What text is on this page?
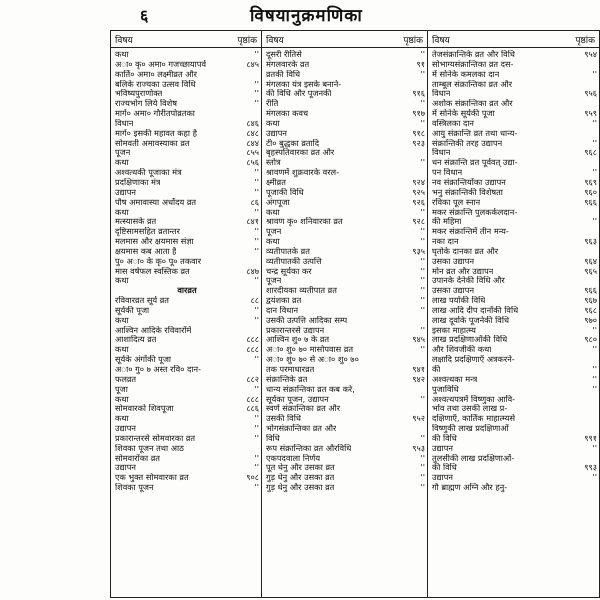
६	विषयानुक्रमणिका
विषय	पृष्ठांक
कथा	''
अा० कृ० अमा० गजच्छायापर्व	८४५
कार्ति० अमा० लक्ष्मीव्रत और
बलिके राज्यका उत्सव विधि	''
भविष्यपुराणोक्त	''
राज्यभोग लिये विशेष	''
मार्ग० अमा० गौरीतपोव्रतका
विधान	८४६
मार्ग० इसकी महावत कहा है	८४८
सोमवती अमावस्याका व्रत	८४४
पूजन	८५५
कथा	८५६
अश्वत्थकी पूजाका मंत्र	''
प्रदक्षिणाका मंत्र	''
उद्यापन	''
पौष अमावास्या अर्धोदय व्रत	८६
कथा	''
मत्स्यासके व्रत	८४१
दृष्टिसामसहित व्रतान्तर	''
मलमास और क्षयमास संज्ञा	''
क्षयमास कब आता है	''
पु० अा० के कृ० पू० तकवार
मास वर्षफल स्वस्तिक व्रत	८४७
कथा	''
वारव्रत
रविवारव्रत सूर्य व्रत	८८
सूर्यकी पूजा	''
कथा	''
आश्विन आदिके रविवारोंमें
आशादित्य व्रत	८८८
कथा	८८८
सूर्यके अंगोंकी पूजा	''
अा० गु० ७ अस्त रवि० दान-
फलव्रत	८८२
पूजा	''
कथा	८८८
सोमवारको शिवपूजा	८८६
कथा	''
उद्यापन	''
प्रकारान्तरसे सोमवारका व्रत	''
शिवका पूजन तथा आठ
सोमवारोंका व्रत	''
उद्यापन	''
एक भुक्त सोमवारका व्रत	९०८
शिवका पूजन	''
विषय	पृष्ठांक
दूसरी रीतिसे	''
मंगलवारके व्रत	९१
व्रतकी विधि	''
मंगलका यंत्र इसके बनाने-
की विधि और पूजनकी	९१६
रीति	''
मंगलका कवच	९१७
कथा	''
उद्यापन	९१८
टी० बुद्धका व्रतादि	९२३
बृहस्पतिवारका व्रत और
स्तोत्र	''
श्रावणमें शुक्रवारके वरल-
क्ष्मीव्रत	९२४
पूजाकी विधि	९२५
अंगपूजा	९२६
कथा	''
श्रावण कृ० शनिवारका व्रत	९२८
पूजन	''
कथा	''
व्यतीपातके व्रत	९३५
व्यतीपातकी उत्पत्ति	''
चन्द्र सूर्यका कर	''
पूजन	''
शारदीयका व्यतीपात व्रत	''
द्वयंशका व्रत	''
दान विधान	''
उसकी उत्पत्ति आदिका सम्प
प्रकारान्तरसे उद्यापन	''
आश्विन शु० ७ के व्रत	९४५
अा० शु० ७० मासोपवास व्रत	''
अा० शु० ७० से अा० शु० ७०
तक परमाधारव्रत	९४१
संक्रान्तिके व्रत	९४२
धान्य संक्रान्तिका व्रत कब करे,
सूर्यका पूजन, उद्यापन	''
स्वर्ण संक्रान्तिका व्रत और
उसकी विधि	९५२
भोगसंक्रान्तिका व्रत और
विधि	''
रूप संक्रान्तिका व्रत औरविधि	९५३
एकपदवाला निर्णय	''
पूत धेनु और उसका व्रत	''
गुड़ धेनु और उसका व्रत	''
गुड़ धेनु और उसका व्रत	''
विषय	पृष्ठांक
तेजसंक्रान्तिके व्रत और विधि	९५४
सोभाग्यसंक्रान्तिका व्रत दस-
में सोनेके कमलका दान	''
ताम्बूल संक्रान्तिका व्रत और
विधान	९५६
अशोक संक्रान्तिका व्रत और
में सोनेके सूर्यकी पूजा	९५९
वस्त्रिलका दान	''
आयु संक्रान्ति व्रत तथा धान्य-
संक्रान्तिकी तरह उद्यापन	''
विधान	९६८
धन संक्रान्ति व्रत पूर्ववत् उद्या-
पन विधान	''
नव संक्रान्तियोंका उद्यापन	९६९
भनु संक्रान्तिकी विशेषता	९६०
रविका पूल स्नान	९६६
मकर संक्रान्ति पुलकर्कलदान-
की महिमा	''
मकर संक्रान्तिमें तीन मन्य-
नका दान	९६३
घृतोके दानका व्रत और
उसका उद्यापन	९६४
मोन व्रत और उद्यापन	९६५
उपानके देनेकी विधि और
उसका उद्यापन	९६६
लाख पर्याकी विधि	९६७
लाख आदि दीप दानोंकी विधि	९६८
लाख दूर्वाके पूजनेकी विधि	९७०
इसका माहात्म्य	''
लाख प्रदक्षिणाओंकी विधि	९८०
और शिवजीकी कथा	''
लक्षादि प्रदक्षिणाएँ अत्रकरने-
की	''
अश्वत्थका मन्त्र	''
पुजाविधि	''
अश्वत्थपत्रमें विष्णुका आवि-
र्भाव तथा उसकी लाख प्र-
दक्षिणाएँ, कार्तिक माहात्म्यसे
विष्णुकी लाख प्रदक्षिणाओं
की विधि	९९१
उद्यापन	''
तुलसीकी लाख प्रदक्षिणाओं-
की विधि	९९३
उद्यापन	''
गौ ब्राह्मण अग्नि और हनु-
